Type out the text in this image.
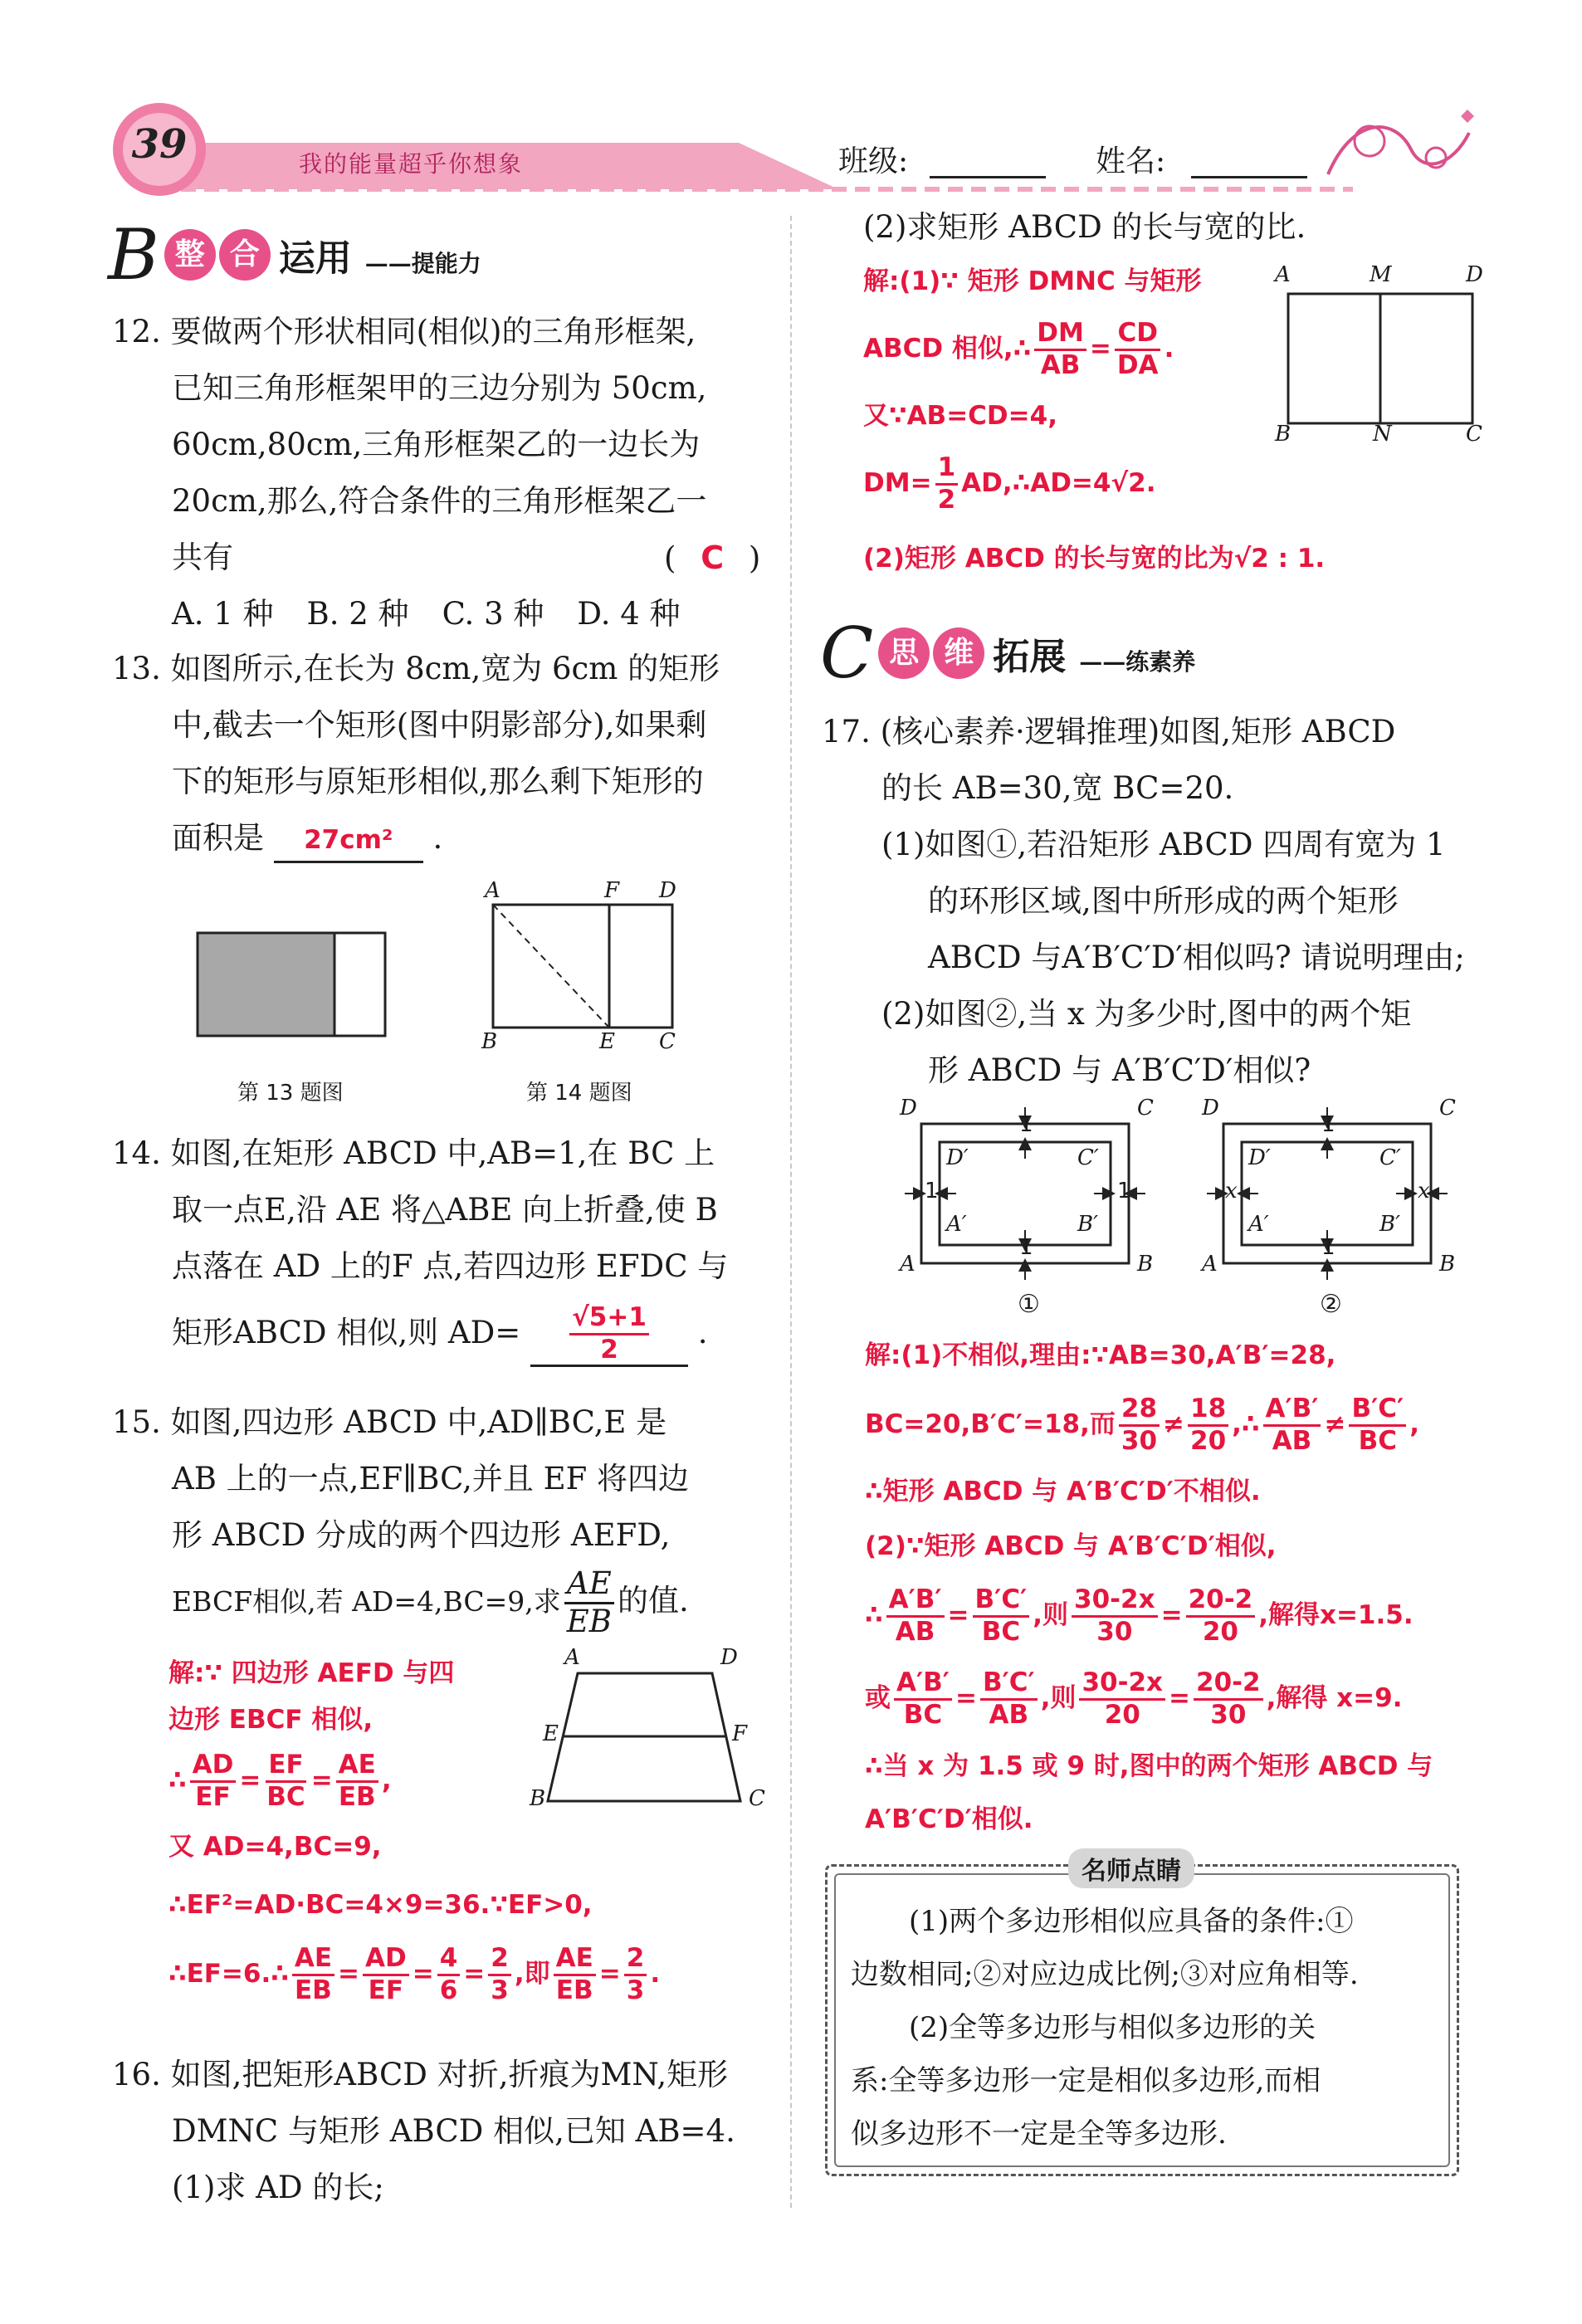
39	我的能量超乎你想象	班级:	姓名:
B 整 合 运用 ——提能力
12. 要做两个形状相同(相似)的三角形框架,
已知三角形框架甲的三边分别为 50cm,
60cm,80cm,三角形框架乙的一边长为
20cm,那么,符合条件的三角形框架乙一
共有	( C )
A. 1 种 B. 2 种 C. 3 种 D. 4 种
13. 如图所示,在长为 8cm,宽为 6cm 的矩形
中,截去一个矩形(图中阴影部分),如果剩
下的矩形与原矩形相似,那么剩下矩形的
面积是 27cm² .
第 13 题图
A	F D
B	E C
第 14 题图
14. 如图,在矩形 ABCD 中,AB=1,在 BC 上
取一点E,沿 AE 将△ABE 向上折叠,使 B
点落在 AD 上的F 点,若四边形 EFDC 与
矩形ABCD 相似,则 $AD= \frac{√5+1}{2}$ .
15. 如图,四边形 ABCD 中,AD∥BC,E 是
AB 上的一点,EF∥BC,并且 EF 将四边
形 ABCD 分成的两个四边形 AEFD,
EBCF相似,若 AD=4,BC=9,求 $\frac{AE}{EB}$ 的值.
A	D
E	F
B	C
解:∵ 四边形 AEFD 与四
边形 EBCF 相似,
∴ $\frac{AD}{EF} = \frac{EF}{BC} = \frac{AE}{EB}$ ,
又 AD=4,BC=9,
∴EF²=AD·BC=4×9=36.∵EF>0,
∴EF=6.∴ $\frac{AE}{EB} = \frac{AD}{EF} = \frac{4}{6} = \frac{2}{3}$ ,即 $\frac{AE}{EB} = \frac{2}{3}$ .
16. 如图,把矩形ABCD 对折,折痕为MN,矩形
DMNC 与矩形 ABCD 相似,已知 AB=4.
(1)求 AD 的长;
(2)求矩形 ABCD 的长与宽的比.
解:(1)∵ 矩形 DMNC 与矩形
ABCD 相似,∴ $\frac{DM}{AB} = \frac{CD}{DA}$ .
又∵AB=CD=4,
$DM= \frac{1}{2}$ AD,∴AD=4√2.
(2)矩形 ABCD 的长与宽的比为√2 : 1.
A	M	D
B	N	C
C 思 维 拓展 ——练素养
17. (核心素养·逻辑推理)如图,矩形 ABCD
的长 AB=30,宽 BC=20.
(1)如图①,若沿矩形 ABCD 四周有宽为 1
的环形区域,图中所形成的两个矩形
ABCD 与A′B′C′D′相似吗? 请说明理由;
(2)如图②,当 x 为多少时,图中的两个矩
形 ABCD 与 A′B′C′D′相似?
D	C
A	B
D′	C′
A′	B′
1
1	1
1
①
D	C
A	B
D′	C′
A′	B′
1
x	x
1
②
解:(1)不相似,理由:∵AB=30,A′B′=28,
BC=20,B′C′=18,而 $\frac{28}{30} \ne \frac{18}{20}$ ,∴ $\frac{A'B'}{AB} \ne \frac{B'C'}{BC}$ ,
∴矩形 ABCD 与 A′B′C′D′不相似.
(2)∵矩形 ABCD 与 A′B′C′D′相似,
∴ $\frac{A'B'}{AB} = \frac{B'C'}{BC}$ ,则 $\frac{30-2x}{30} = \frac{20-2}{20}$ ,解得x=1.5.
或 $\frac{A'B'}{BC} = \frac{B'C'}{AB}$ ,则 $\frac{30-2x}{20} = \frac{20-2}{30}$ ,解得 x=9.
∴当 x 为 1.5 或 9 时,图中的两个矩形 ABCD 与
A′B′C′D′相似.
名师点睛
(1)两个多边形相似应具备的条件:①
边数相同;②对应边成比例;③对应角相等.
(2)全等多边形与相似多边形的关
系:全等多边形一定是相似多边形,而相
似多边形不一定是全等多边形.
